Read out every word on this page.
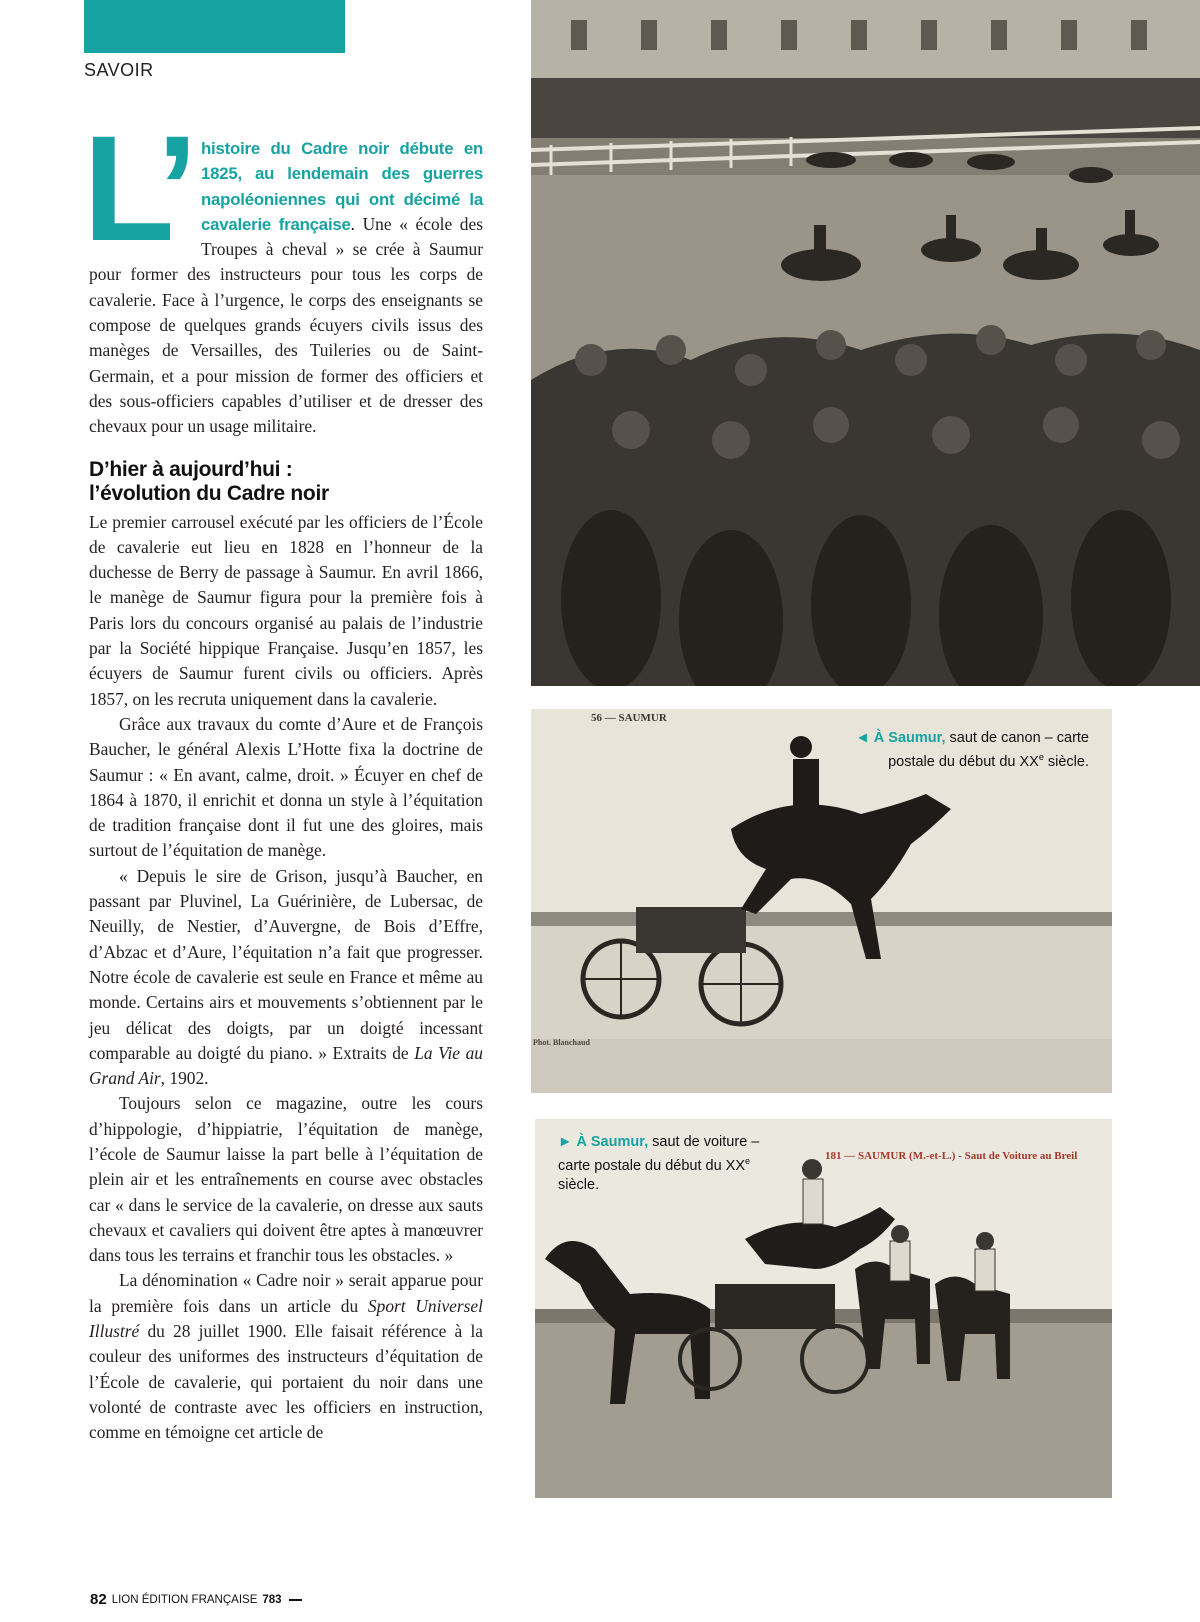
SAVOIR

L’ histoire du Cadre noir débute en 1825, au lendemain des guerres napoléoniennes qui ont décimé la cavalerie française. Une « école des Troupes à cheval » se crée à Saumur pour former des instructeurs pour tous les corps de cavalerie. Face à l’urgence, le corps des enseignants se compose de quelques grands écuyers civils issus des manèges de Versailles, des Tuileries ou de Saint-Germain, et a pour mission de former des officiers et des sous-officiers capables d’utiliser et de dresser des chevaux pour un usage militaire.

D’hier à aujourd’hui :
l’évolution du Cadre noir

Le premier carrousel exécuté par les officiers de l’École de cavalerie eut lieu en 1828 en l’honneur de la duchesse de Berry de passage à Saumur. En avril 1866, le manège de Saumur figura pour la première fois à Paris lors du concours organisé au palais de l’industrie par la Société hippique Française. Jusqu’en 1857, les écuyers de Saumur furent civils ou officiers. Après 1857, on les recruta uniquement dans la cavalerie.

Grâce aux travaux du comte d’Aure et de François Baucher, le général Alexis L’Hotte fixa la doctrine de Saumur : « En avant, calme, droit. » Écuyer en chef de 1864 à 1870, il enrichit et donna un style à l’équitation de tradition française dont il fut une des gloires, mais surtout de l’équitation de manège.

« Depuis le sire de Grison, jusqu’à Baucher, en passant par Pluvinel, La Guérinière, de Lubersac, de Neuilly, de Nestier, d’Auvergne, de Bois d’Effre, d’Abzac et d’Aure, l’équitation n’a fait que progresser. Notre école de cavalerie est seule en France et même au monde. Certains airs et mouvements s’obtiennent par le jeu délicat des doigts, par un doigté incessant comparable au doigté du piano. » Extraits de La Vie au Grand Air, 1902.

Toujours selon ce magazine, outre les cours d’hippologie, d’hippiatrie, l’équitation de manège, l’école de Saumur laisse la part belle à l’équitation de plein air et les entraînements en course avec obstacles car « dans le service de la cavalerie, on dresse aux sauts chevaux et cavaliers qui doivent être aptes à manœuvrer dans tous les terrains et franchir tous les obstacles. »

La dénomination « Cadre noir » serait apparue pour la première fois dans un article du Sport Universel Illustré du 28 juillet 1900. Elle faisait référence à la couleur des uniformes des instructeurs d’équitation de l’École de cavalerie, qui portaient du noir dans une volonté de contraste avec les officiers en instruction, comme en témoigne cet article de

56 — SAUMUR
Phot. Blanchaud
◄ À Saumur, saut de canon – carte postale du début du XXe siècle.
181 — SAUMUR (M.-et-L.) - Saut de Voiture au Breil
► À Saumur, saut de voiture – carte postale du début du XXe siècle.
82 LION ÉDITION FRANÇAISE 783
